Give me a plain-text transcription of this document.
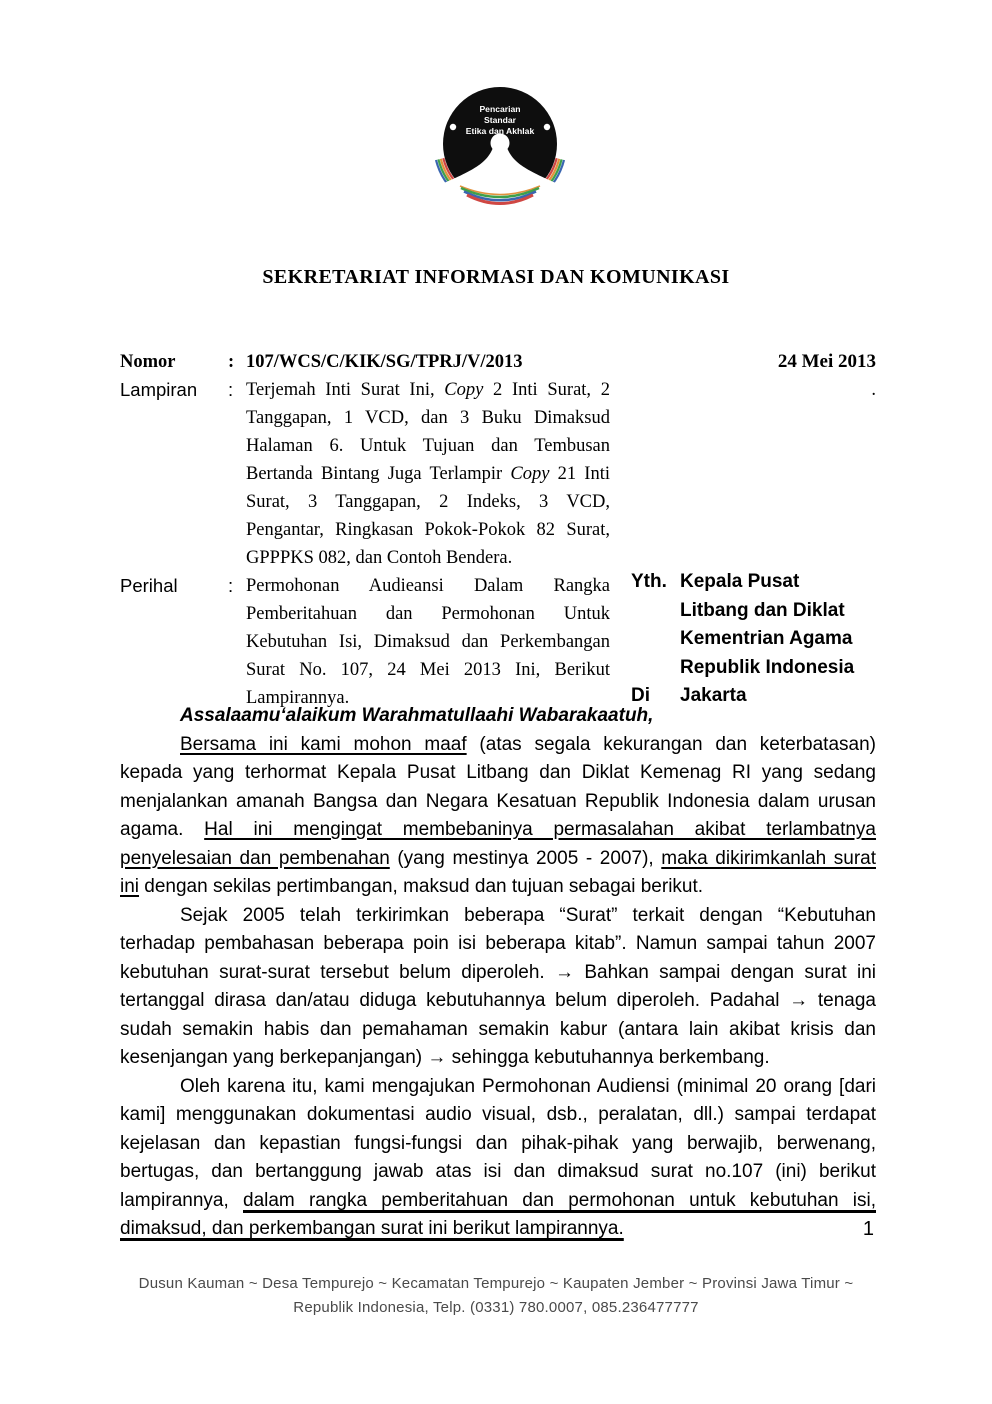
Pencarian
Standar
Etika dan Akhlak
SEKRETARIAT INFORMASI DAN KOMUNIKASI
Nomor	: 107/WCS/C/KIK/SG/TPRJ/V/2013	24 Mei 2013
Lampiran	: Terjemah Inti Surat Ini, Copy 2 Inti Surat, 2 Tanggapan, 1 VCD, dan 3 Buku Dimaksud Halaman 6. Untuk Tujuan dan Tembusan Bertanda Bintang Juga Terlampir Copy 21 Inti Surat, 3 Tanggapan, 2 Indeks, 3 VCD, Pengantar, Ringkasan Pokok-Pokok 82 Surat, GPPPKS 082, dan Contoh Bendera.
.
Perihal	: Permohonan Audieansi Dalam Rangka Pemberitahuan dan Permohonan Untuk Kebutuhan Isi, Dimaksud dan Perkembangan Surat No. 107, 24 Mei 2013 Ini, Berikut Lampirannya.
Yth. Kepala Pusat
Litbang dan Diklat
Kementrian Agama
Republik Indonesia
Di Jakarta
Assalaamu‘alaikum Warahmatullaahi Wabarakaatuh,

Bersama ini kami mohon maaf (atas segala kekurangan dan keterbatasan) kepada yang terhormat Kepala Pusat Litbang dan Diklat Kemenag RI yang sedang menjalankan amanah Bangsa dan Negara Kesatuan Republik Indonesia dalam urusan agama. Hal ini mengingat membebaninya permasalahan akibat terlambatnya penyelesaian dan pembenahan (yang mestinya 2005 - 2007), maka dikirimkanlah surat ini dengan sekilas pertimbangan, maksud dan tujuan sebagai berikut.

Sejak 2005 telah terkirimkan beberapa “Surat” terkait dengan “Kebutuhan terhadap pembahasan beberapa poin isi beberapa kitab”. Namun sampai tahun 2007 kebutuhan surat-surat tersebut belum diperoleh. → Bahkan sampai dengan surat ini tertanggal dirasa dan/atau diduga kebutuhannya belum diperoleh. Padahal → tenaga sudah semakin habis dan pemahaman semakin kabur (antara lain akibat krisis dan kesenjangan yang berkepanjangan) → sehingga kebutuhannya berkembang.

Oleh karena itu, kami mengajukan Permohonan Audiensi (minimal 20 orang [dari kami] menggunakan dokumentasi audio visual, dsb., peralatan, dll.) sampai terdapat kejelasan dan kepastian fungsi-fungsi dan pihak-pihak yang berwajib, berwenang, bertugas, dan bertanggung jawab atas isi dan dimaksud surat no.107 (ini) berikut lampirannya, dalam rangka pemberitahuan dan permohonan untuk kebutuhan isi, dimaksud, dan perkembangan surat ini berikut lampirannya.	1
Dusun Kauman ~ Desa Tempurejo ~ Kecamatan Tempurejo ~ Kaupaten Jember ~ Provinsi Jawa Timur ~
Republik Indonesia, Telp. (0331) 780.0007, 085.236477777
